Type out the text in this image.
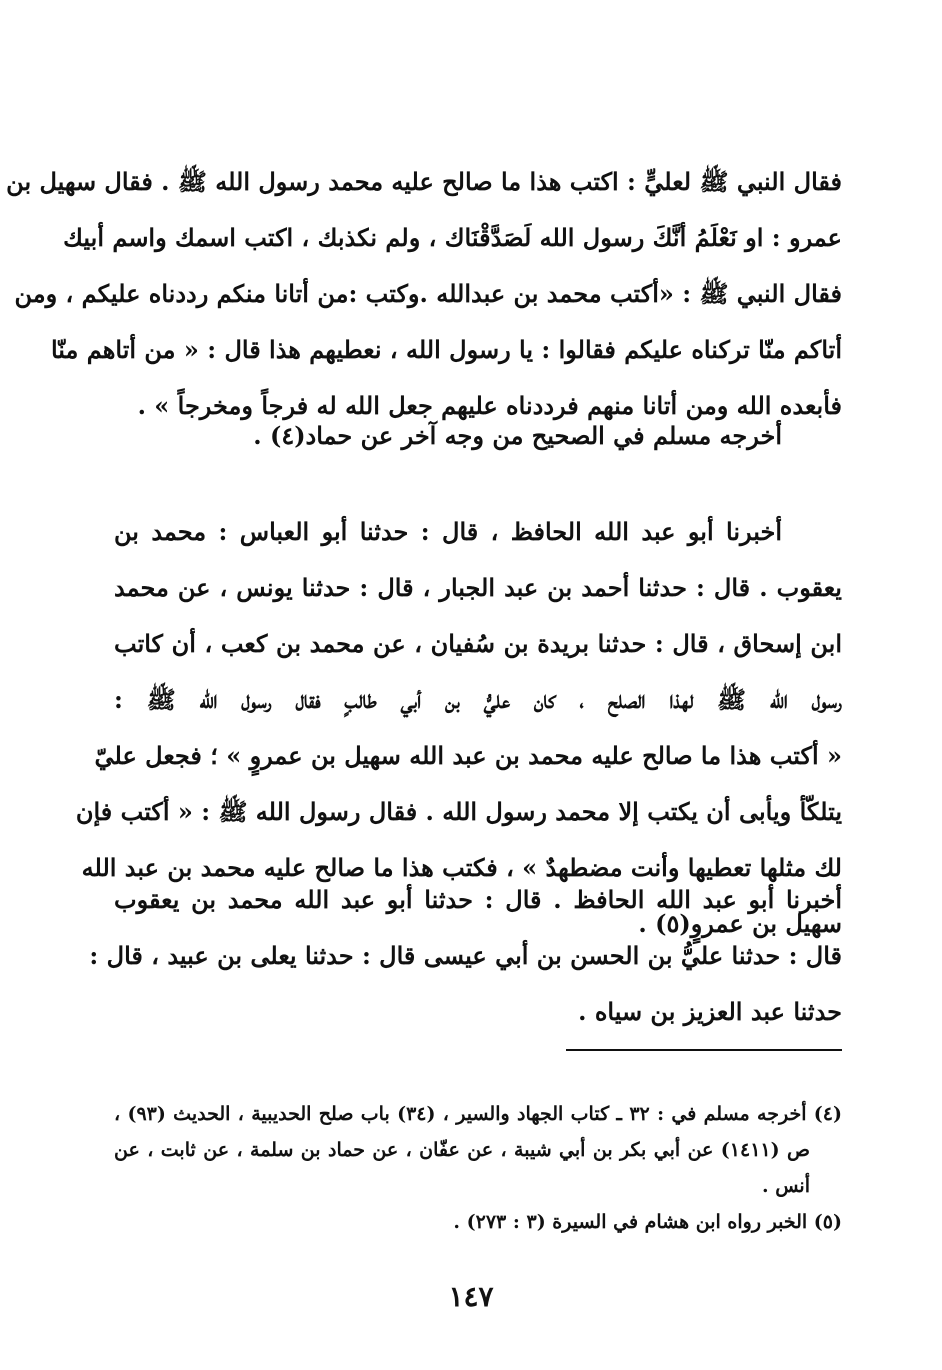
فقال النبي ﷺ لعليٍّ : اكتب هذا ما صالح عليه محمد رسول الله ﷺ . فقال سهيل بن
عمرو : او نَعْلَمُ أنَّكَ رسول الله لَصَدَّقْنَاك ، ولم نكذبك ، اكتب اسمك واسم أبيك
فقال النبي ﷺ : «أكتب محمد بن عبدالله .وكتب :من أتانا منكم رددناه عليكم ، ومن
أتاكم منّا تركناه عليكم فقالوا : يا رسول الله ، نعطيهم هذا قال : « من أتاهم منّا
فأبعده الله ومن أتانا منهم فرددناه عليهم جعل الله له فرجاً ومخرجاً » .
أخرجه مسلم في الصحيح من وجه آخر عن حماد(٤) .
أخبرنا أبو عبد الله الحافظ ، قال : حدثنا أبو العباس : محمد بن
يعقوب . قال : حدثنا أحمد بن عبد الجبار ، قال : حدثنا يونس ، عن محمد
ابن إسحاق ، قال : حدثنا بريدة بن سُفيان ، عن محمد بن كعب ، أن كاتب
رسول الله ﷺ لهذا الصلح ، كان عليُّ بن أبي طالبٍ فقال رسول الله ﷺ :
« أكتب هذا ما صالح عليه محمد بن عبد الله سهيل بن عمروٍ » ؛ فجعل عليّ
يتلكّأ ويأبى أن يكتب إلا محمد رسول الله . فقال رسول الله ﷺ : « أكتب فإن
لك مثلها تعطيها وأنت مضطهدٌ » ، فكتب هذا ما صالح عليه محمد بن عبد الله
سهيل بن عمروٍ(٥) .
أخبرنا أبو عبد الله الحافظ . قال : حدثنا أبو عبد الله محمد بن يعقوب
قال : حدثنا عليُّ بن الحسن بن أبي عيسى قال : حدثنا يعلى بن عبيد ، قال :
حدثنا عبد العزيز بن سياه .
(٤) أخرجه مسلم في : ٣٢ ـ كتاب الجهاد والسير ، (٣٤) باب صلح الحديبية ، الحديث (٩٣) ،
ص (١٤١١) عن أبي بكر بن أبي شيبة ، عن عفّان ، عن حماد بن سلمة ، عن ثابت ، عن
أنس .
(٥) الخبر رواه ابن هشام في السيرة (٣ : ٢٧٣) .
١٤٧
